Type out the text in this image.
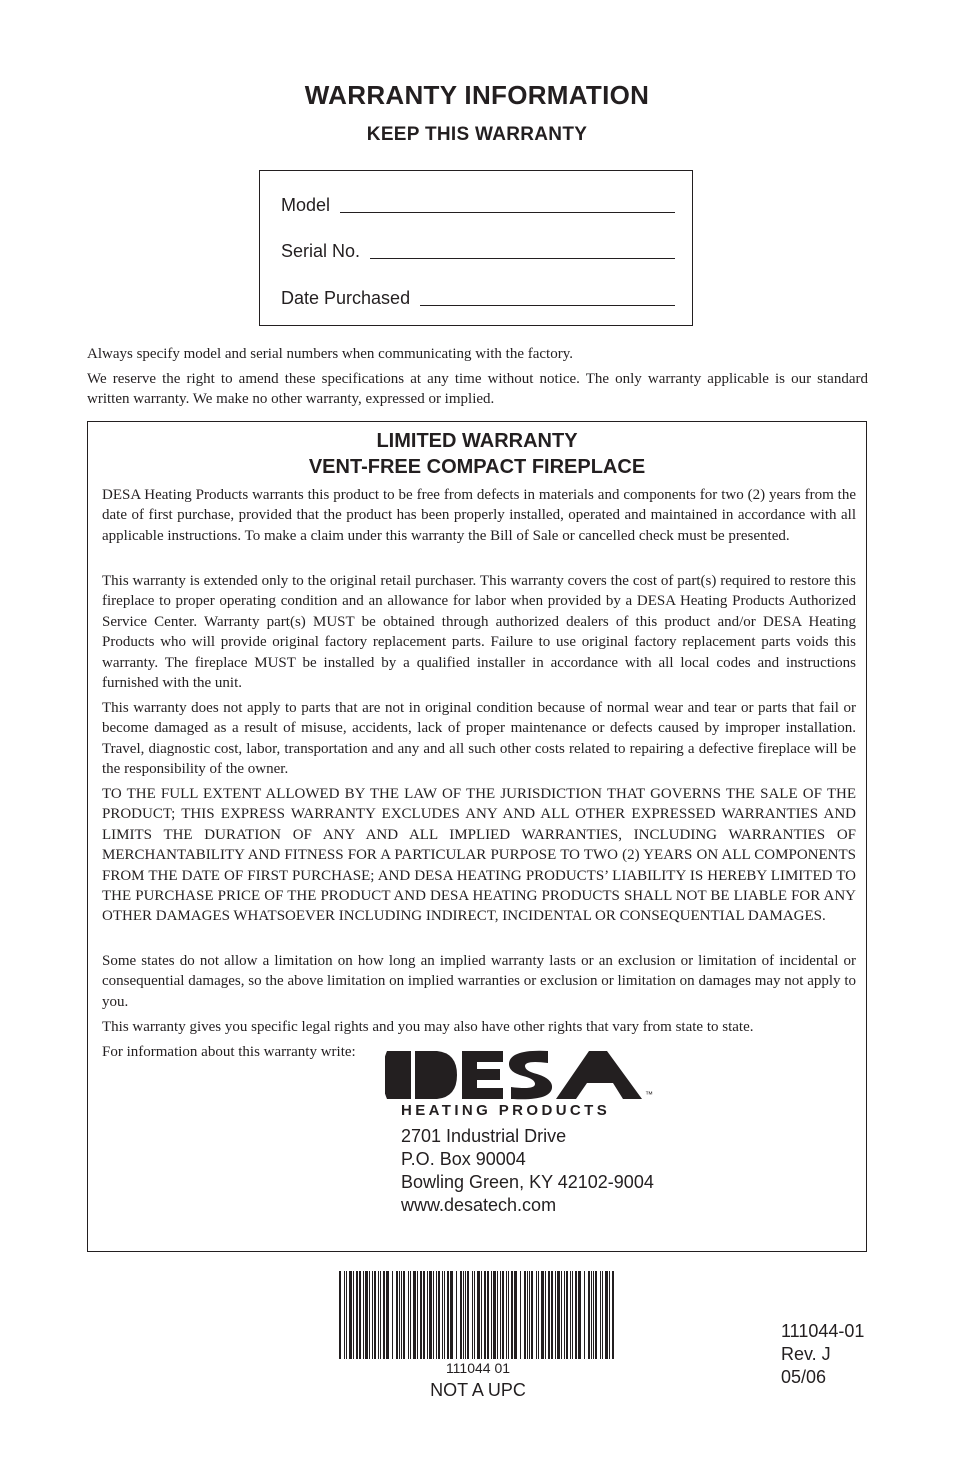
WARRANTY INFORMATION
KEEP THIS WARRANTY
Model
Serial No.
Date Purchased

Always specify model and serial numbers when communicating with the factory.

We reserve the right to amend these specifications at any time without notice. The only warranty applicable is our standard written warranty. We make no other warranty, expressed or implied.

LIMITED WARRANTY
VENT-FREE COMPACT FIREPLACE

DESA Heating Products warrants this product to be free from defects in materials and components for two (2) years from the date of first purchase, provided that the product has been properly installed, operated and maintained in accordance with all applicable instructions. To make a claim under this warranty the Bill of Sale or cancelled check must be presented.

This warranty is extended only to the original retail purchaser. This warranty covers the cost of part(s) required to restore this fireplace to proper operating condition and an allowance for labor when provided by a DESA Heating Products Authorized Service Center. Warranty part(s) MUST be obtained through authorized dealers of this product and/or DESA Heating Products who will provide original factory replacement parts. Failure to use original factory replacement parts voids this warranty. The fireplace MUST be installed by a qualified installer in accordance with all local codes and instructions furnished with the unit.

This warranty does not apply to parts that are not in original condition because of normal wear and tear or parts that fail or become damaged as a result of misuse, accidents, lack of proper maintenance or defects caused by improper installation. Travel, diagnostic cost, labor, transportation and any and all such other costs related to repairing a defective fireplace will be the responsibility of the owner.

TO THE FULL EXTENT ALLOWED BY THE LAW OF THE JURISDICTION THAT GOVERNS THE SALE OF THE PRODUCT; THIS EXPRESS WARRANTY EXCLUDES ANY AND ALL OTHER EXPRESSED WARRANTIES AND LIMITS THE DURATION OF ANY AND ALL IMPLIED WARRANTIES, INCLUDING WARRANTIES OF MERCHANTABILITY AND FITNESS FOR A PARTICULAR PURPOSE TO TWO (2) YEARS ON ALL COMPONENTS FROM THE DATE OF FIRST PURCHASE; AND DESA HEATING PRODUCTS’ LIABILITY IS HEREBY LIMITED TO THE PURCHASE PRICE OF THE PRODUCT AND DESA HEATING PRODUCTS SHALL NOT BE LIABLE FOR ANY OTHER DAMAGES WHATSOEVER INCLUDING INDIRECT, INCIDENTAL OR CONSEQUENTIAL DAMAGES.

Some states do not allow a limitation on how long an implied warranty lasts or an exclusion or limitation of incidental or consequential damages, so the above limitation on implied warranties or exclusion or limitation on damages may not apply to you.

This warranty gives you specific legal rights and you may also have other rights that vary from state to state.

For information about this warranty write:

™
HEATING PRODUCTS
2701 Industrial Drive
P.O. Box 90004
Bowling Green, KY 42102-9004
www.desatech.com
111044 01
NOT A UPC
111044-01
Rev. J
05/06
